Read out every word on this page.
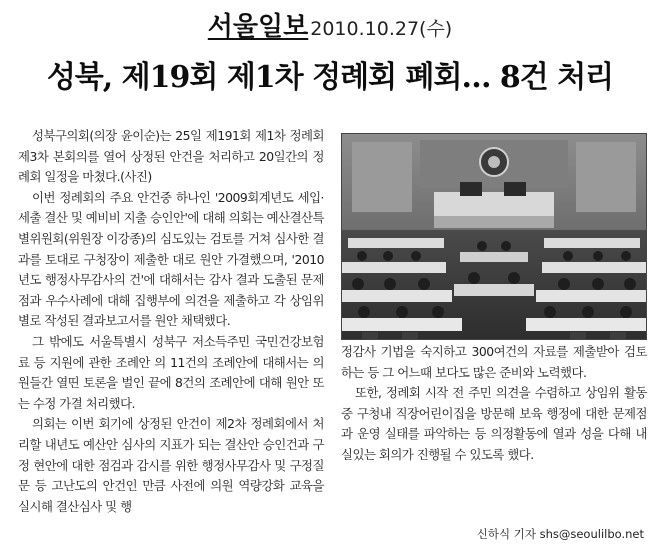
서울일보 2010.10.27(수)
성북, 제19회 제1차 정례회 폐회… 8건 처리

성북구의회(의장 윤이순)는 25일 제191회 제1차 정례회 제3차 본회의를 열어 상정된 안건을 처리하고 20일간의 정례회 일정을 마쳤다.(사진)

이번 정례회의 주요 안건중 하나인 '2009회계년도 세입·세출 결산 및 예비비 지출 승인안'에 대해 의회는 예산결산특별위원회(위원장 이강종)의 심도있는 검토를 거쳐 심사한 결과를 토대로 구청장이 제출한 대로 원안 가결했으며, '2010년도 행정사무감사의 건'에 대해서는 감사 결과 도출된 문제점과 우수사례에 대해 집행부에 의견을 제출하고 각 상임위별로 작성된 결과보고서를 원안 채택했다.

그 밖에도 서울특별시 성북구 저소득주민 국민건강보험료 등 지원에 관한 조례안 의 11건의 조례안에 대해서는 의원들간 열띤 토론을 벌인 끝에 8건의 조례안에 대해 원안 또는 수정 가결 처리했다.

의회는 이번 회기에 상정된 안건이 제2차 정례회에서 처리할 내년도 예산안 심사의 지표가 되는 결산안 승인건과 구정 현안에 대한 점검과 감시를 위한 행정사무감사 및 구정질문 등 고난도의 안건인 만큼 사전에 의원 역량강화 교육을 실시해 결산심사 및 행

정감사 기법을 숙지하고 300여건의 자료를 제출받아 검토하는 등 그 어느때 보다도 많은 준비와 노력했다.

또한, 정례회 시작 전 주민 의견을 수렴하고 상임위 활동중 구청내 직장어린이집을 방문해 보육 행정에 대한 문제점과 운영 실태를 파악하는 등 의정활동에 열과 성을 다해 내실있는 회의가 진행될 수 있도록 했다.

신하식 기자 shs@seoulilbo.net
